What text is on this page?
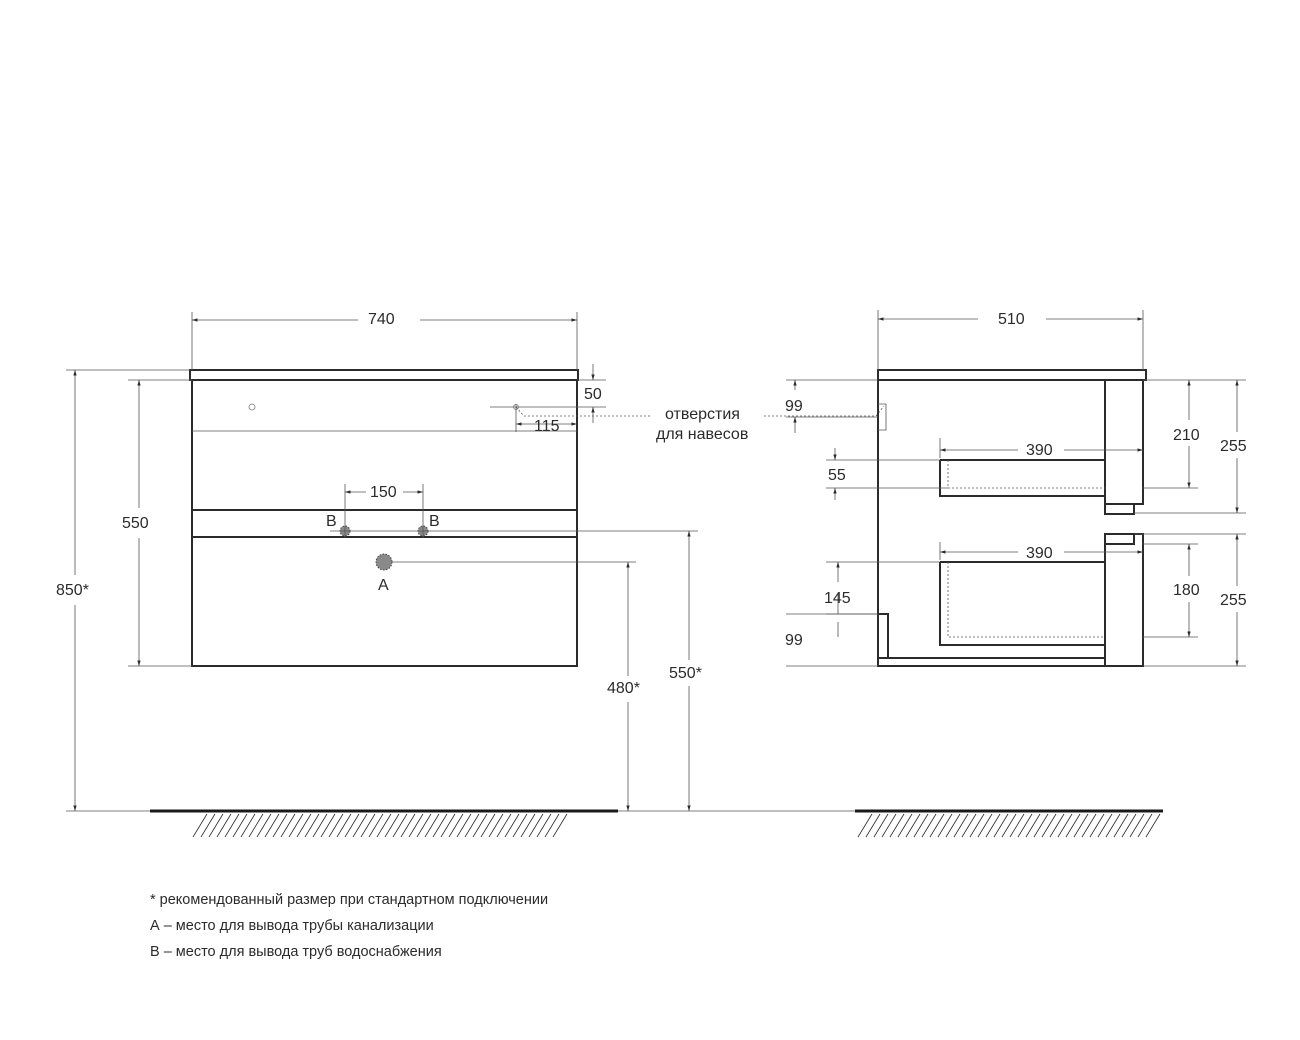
B	B
A
740
850*
550
50
115
150
480*
550*
отверстия
для навесов
510
99
390
55
210
255
390
145
99
180
255
* рекомендованный размер при стандартном подключении
А – место для вывода трубы канализации
В – место для вывода труб водоснабжения
